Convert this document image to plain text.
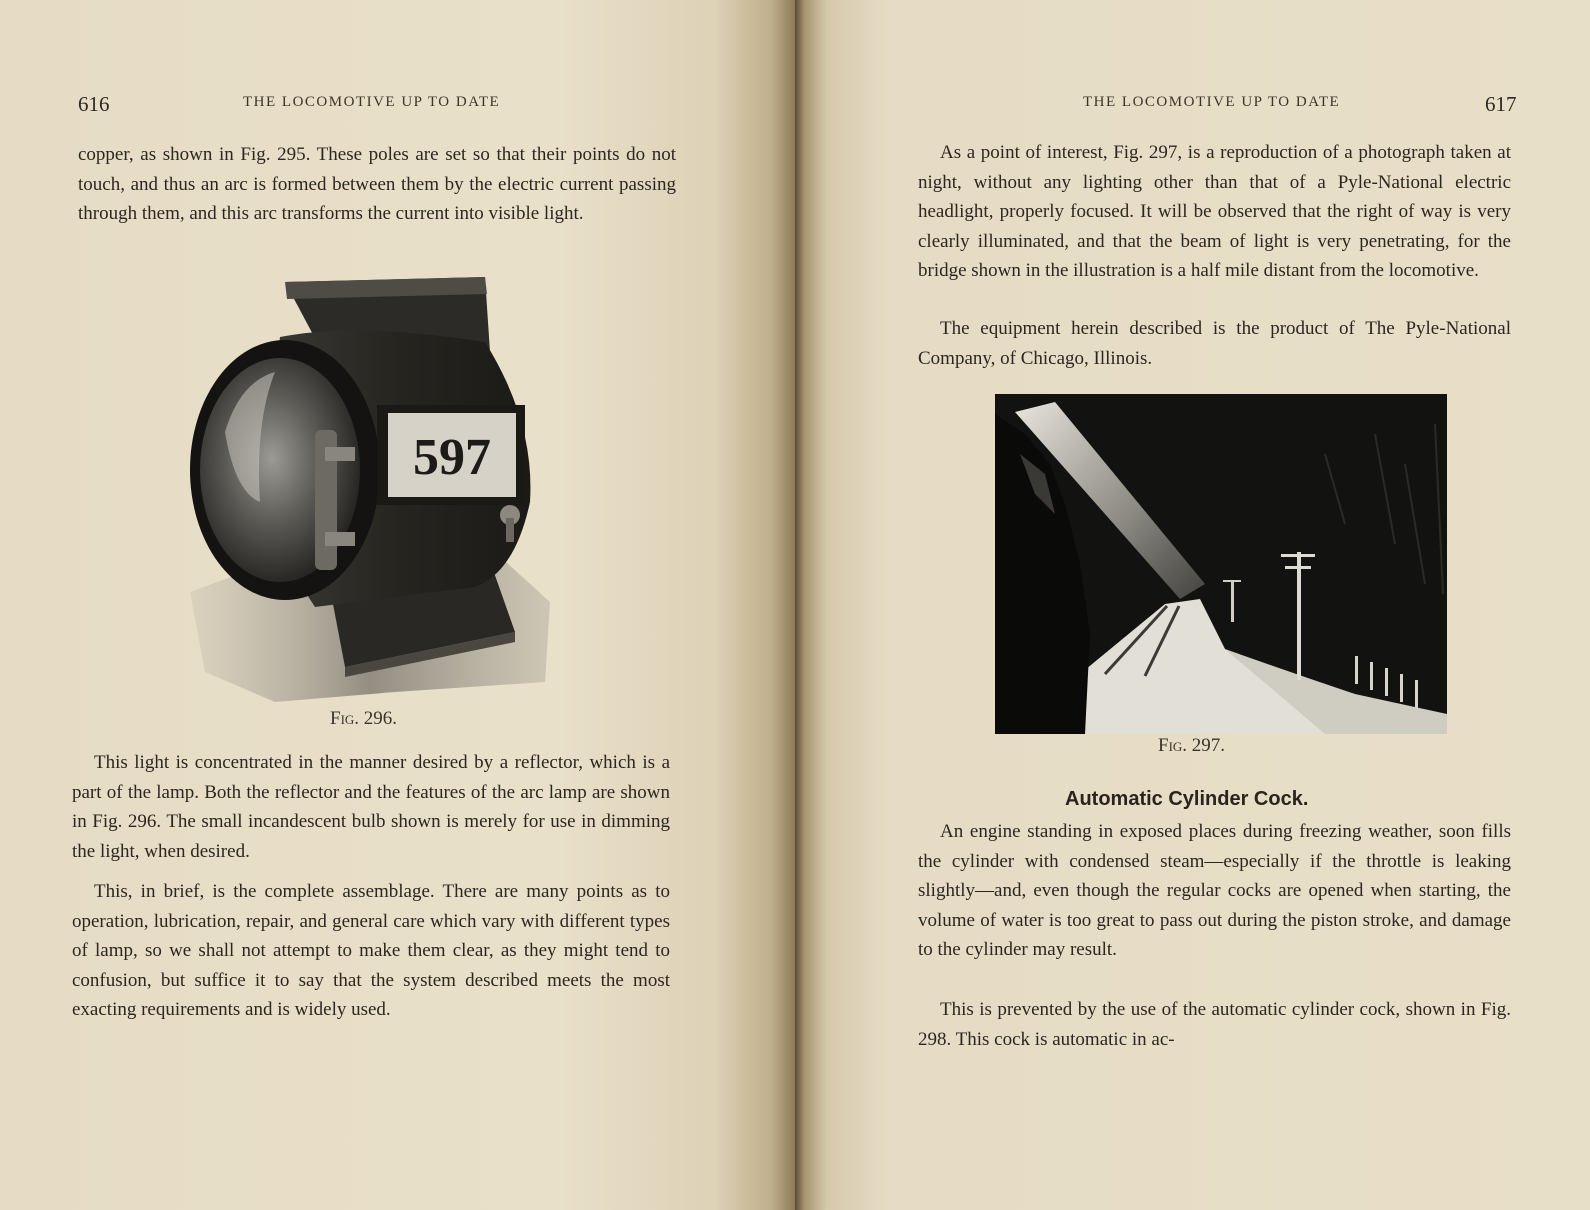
616	THE LOCOMOTIVE UP TO DATE

copper, as shown in Fig. 295. These poles are set so that their points do not touch, and thus an arc is formed between them by the electric current passing through them, and this arc transforms the current into visible light.

597
Fig. 296.

This light is concentrated in the manner desired by a reflector, which is a part of the lamp. Both the reflector and the features of the arc lamp are shown in Fig. 296. The small incandescent bulb shown is merely for use in dimming the light, when desired.

This, in brief, is the complete assemblage. There are many points as to operation, lubrication, repair, and general care which vary with different types of lamp, so we shall not attempt to make them clear, as they might tend to confusion, but suffice it to say that the system described meets the most exacting requirements and is widely used.

THE LOCOMOTIVE UP TO DATE	617

As a point of interest, Fig. 297, is a reproduction of a photograph taken at night, without any lighting other than that of a Pyle-National electric headlight, properly focused. It will be observed that the right of way is very clearly illuminated, and that the beam of light is very penetrating, for the bridge shown in the illustration is a half mile distant from the locomotive.

The equipment herein described is the product of The Pyle-National Company, of Chicago, Illinois.

Fig. 297.
Automatic Cylinder Cock.

An engine standing in exposed places during freezing weather, soon fills the cylinder with condensed steam—especially if the throttle is leaking slightly—and, even though the regular cocks are opened when starting, the volume of water is too great to pass out during the piston stroke, and damage to the cylinder may result.

This is prevented by the use of the automatic cylinder cock, shown in Fig. 298. This cock is automatic in ac-
